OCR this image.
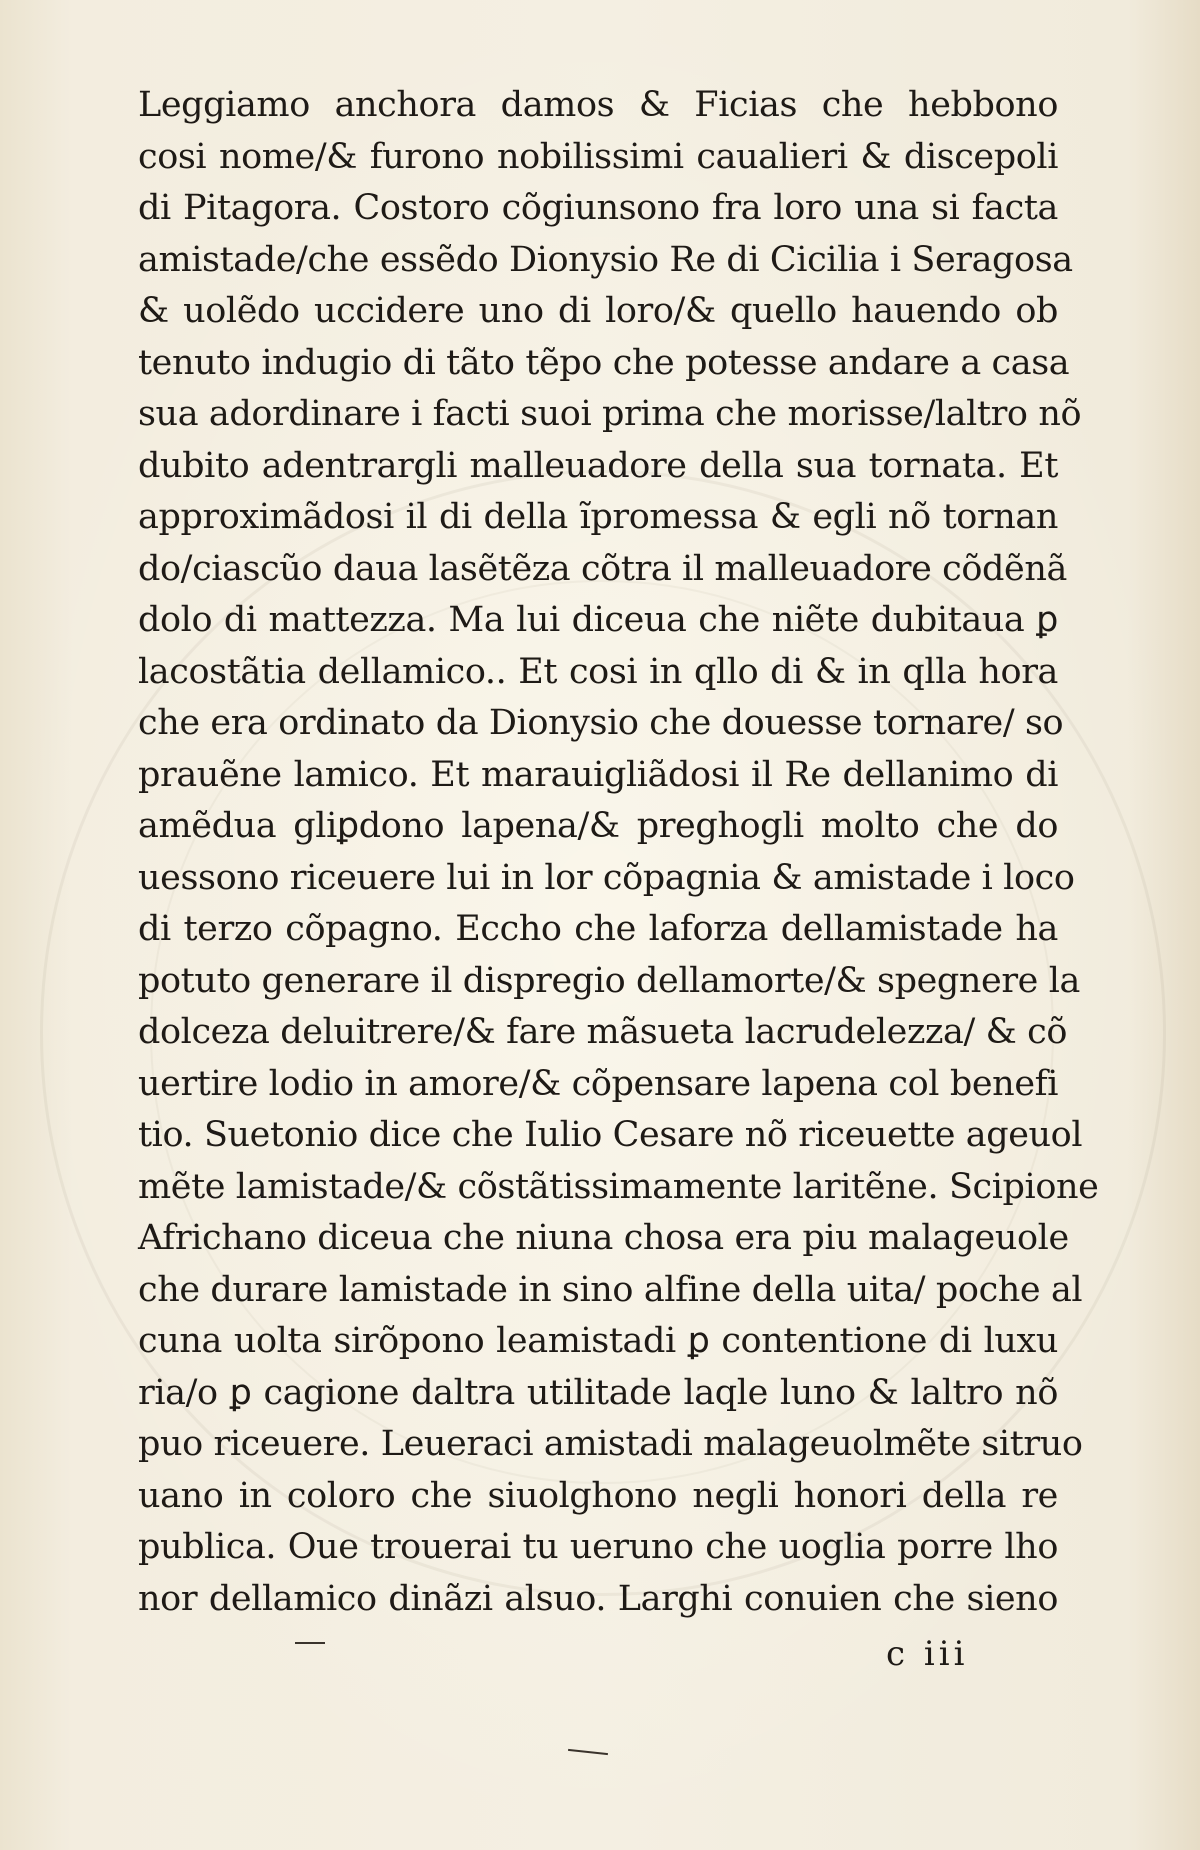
Leggiamo anchora damos & Ficias che hebbono
cosi nome/& furono nobilissimi caualieri & discepoli
di Pitagora. Costoro cõgiunsono fra loro una si facta
amistade/che essẽdo Dionysio Re di Cicilia i Seragosa
& uolẽdo uccidere uno di loro/& quello hauendo ob
tenuto indugio di tãto tẽpo che potesse andare a casa
sua adordinare i facti suoi prima che morisse/laltro nõ
dubito adentrargli malleuadore della sua tornata. Et
approximãdosi il di della ĩpromessa & egli nõ tornan
do/ciascũo daua lasẽtẽza cõtra il malleuadore cõdẽnã
dolo di mattezza. Ma lui diceua che niẽte dubitaua ꝑ
lacostãtia dellamico.. Et cosi in qllo di & in qlla hora
che era ordinato da Dionysio che douesse tornare/ so
prauẽne lamico. Et marauigliãdosi il Re dellanimo di
amẽdua gliꝑdono lapena/& preghogli molto che do
uessono riceuere lui in lor cõpagnia & amistade i loco
di terzo cõpagno. Eccho che laforza dellamistade ha
potuto generare il dispregio dellamorte/& spegnere la
dolceza deluitrere/& fare mãsueta lacrudelezza/ & cõ
uertire lodio in amore/& cõpensare lapena col benefi
tio. Suetonio dice che Iulio Cesare nõ riceuette ageuol
mẽte lamistade/& cõstãtissimamente laritẽne. Scipione
Africhano diceua che niuna chosa era piu malageuole
che durare lamistade in sino alfine della uita/ poche al
cuna uolta sirõpono leamistadi ꝑ contentione di luxu
ria/o ꝑ cagione daltra utilitade laqle luno & laltro nõ
puo riceuere. Leueraci amistadi malageuolmẽte sitruo
uano in coloro che siuolghono negli honori della re
publica. Oue trouerai tu ueruno che uoglia porre lho
nor dellamico dinãzi alsuo. Larghi conuien che sieno
c iii
